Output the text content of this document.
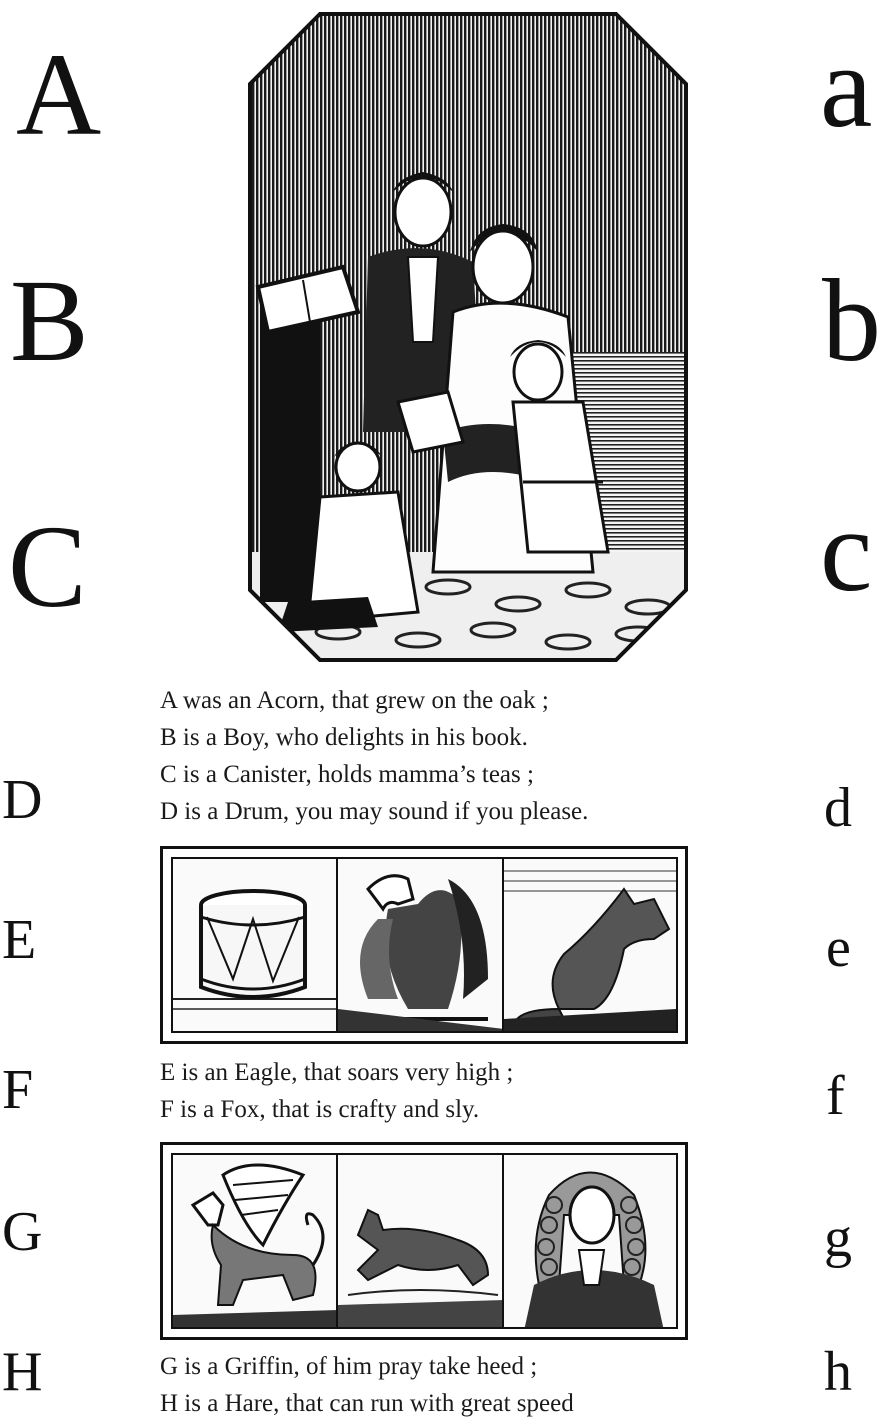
A
B
C
D
E
F
G
H
a
b
c
d
e
f
g
h
A was an Acorn, that grew on the oak ;
B is a Boy, who delights in his book.
C is a Canister, holds mamma’s teas ;
D is a Drum, you may sound if you please.
E is an Eagle, that soars very high ;
F is a Fox, that is crafty and sly.
G is a Griffin, of him pray take heed ;
H is a Hare, that can run with great speed
